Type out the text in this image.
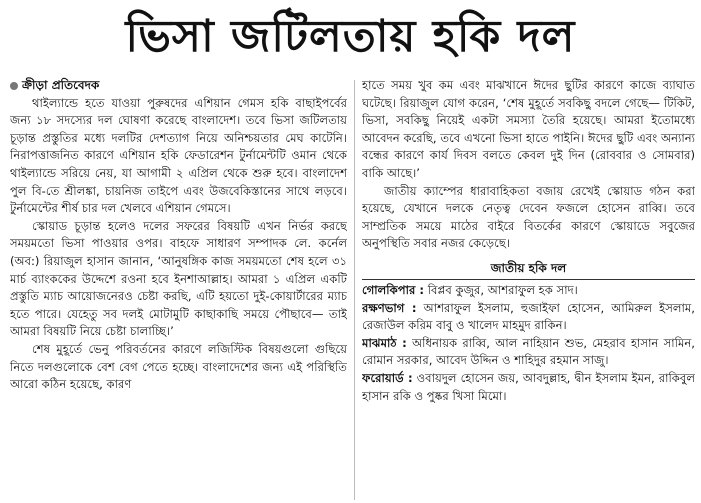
ভিসা জটিলতায় হকি দল
ক্রীড়া প্রতিবেদক

থাইল্যান্ডে হতে যাওয়া পুরুষদের এশিয়ান গেমস হকি বাছাইপর্বের জন্য ১৮ সদস্যের দল ঘোষণা করেছে বাংলাদেশ। তবে ভিসা জটিলতায় চূড়ান্ত প্রস্তুতির মধ্যে দলটির দেশত্যাগ নিয়ে অনিশ্চয়তার মেঘ কাটেনি। নিরাপত্তাজনিত কারণে এশিয়ান হকি ফেডারেশন টুর্নামেন্টটি ওমান থেকে থাইল্যান্ডে সরিয়ে নেয়, যা আগামী ২ এপ্রিল থেকে শুরু হবে। বাংলাদেশ পুল বি-তে শ্রীলঙ্কা, চায়নিজ তাইপে এবং উজবেকিস্তানের সাথে লড়বে। টুর্নামেন্টের শীর্ষ চার দল খেলবে এশিয়ান গেমসে।

স্কোয়াড চূড়ান্ত হলেও দলের সফরের বিষয়টি এখন নির্ভর করছে সময়মতো ভিসা পাওয়ার ওপর। বাহফে সাধারণ সম্পাদক লে. কর্নেল (অব:) রিয়াজুল হাসান জানান, ‘আনুষঙ্গিক কাজ সময়মতো শেষ হলে ৩১ মার্চ ব্যাংককের উদ্দেশে রওনা হবে ইনশাআল্লাহ। আমরা ১ এপ্রিল একটি প্রস্তুতি ম্যাচ আয়োজনেরও চেষ্টা করছি, এটি হয়তো দুই-কোয়ার্টারের ম্যাচ হতে পারে। যেহেতু সব দলই মোটামুটি কাছাকাছি সময়ে পৌছাবে— তাই আমরা বিষয়টি নিয়ে চেষ্টা চালাচ্ছি।’

শেষ মুহূর্তে ভেনু পরিবর্তনের কারণে লজিস্টিক বিষয়গুলো গুছিয়ে নিতে দলগুলোকে বেশ বেগ পেতে হচ্ছে। বাংলাদেশের জন্য এই পরিস্থিতি আরো কঠিন হয়েছে, কারণ

হাতে সময় খুব কম এবং মাঝখানে ঈদের ছুটির কারণে কাজে ব্যাঘাত ঘটেছে। রিয়াজুল যোগ করেন, ‘শেষ মুহূর্তে সবকিছু বদলে গেছে— টিকিট, ভিসা, সবকিছু নিয়েই একটা সমস্যা তৈরি হয়েছে। আমরা ইতোমধ্যে আবেদন করেছি, তবে এখনো ভিসা হাতে পাইনি। ঈদের ছুটি এবং অন্যান্য বন্ধের কারণে কার্য দিবস বলতে কেবল দুই দিন (রোববার ও সোমবার) বাকি আছে।’

জাতীয় ক্যাম্পের ধারাবাহিকতা বজায় রেখেই স্কোয়াড গঠন করা হয়েছে, যেখানে দলকে নেতৃত্ব দেবেন ফজলে হোসেন রাব্বি। তবে সাম্প্রতিক সময়ে মাঠের বাইরে বিতর্কের কারণে স্কোয়াডে সবুজের অনুপস্থিতি সবার নজর কেড়েছে।

জাতীয় হকি দল

গোলকিপার : বিপ্লব কুজুর, আশরাফুল হক সাদ।

রক্ষণভাগ : আশরাফুল ইসলাম, হুজাইফা হোসেন, আমিরুল ইসলাম, রেজাউল করিম বাবু ও খালেদ মাহমুদ রাকিন।

মাঝমাঠ : অধিনায়ক রাব্বি, আল নাহিয়ান শুভ, মেহরাব হাসান সামিন, রোমান সরকার, আবেদ উদ্দিন ও শাহিদুর রহমান সাজু।

ফরোয়ার্ড : ওবায়দুল হোসেন জয়, আবদুল্লাহ, দ্বীন ইসলাম ইমন, রাকিবুল হাসান রকি ও পুষ্কর খিসা মিমো।
